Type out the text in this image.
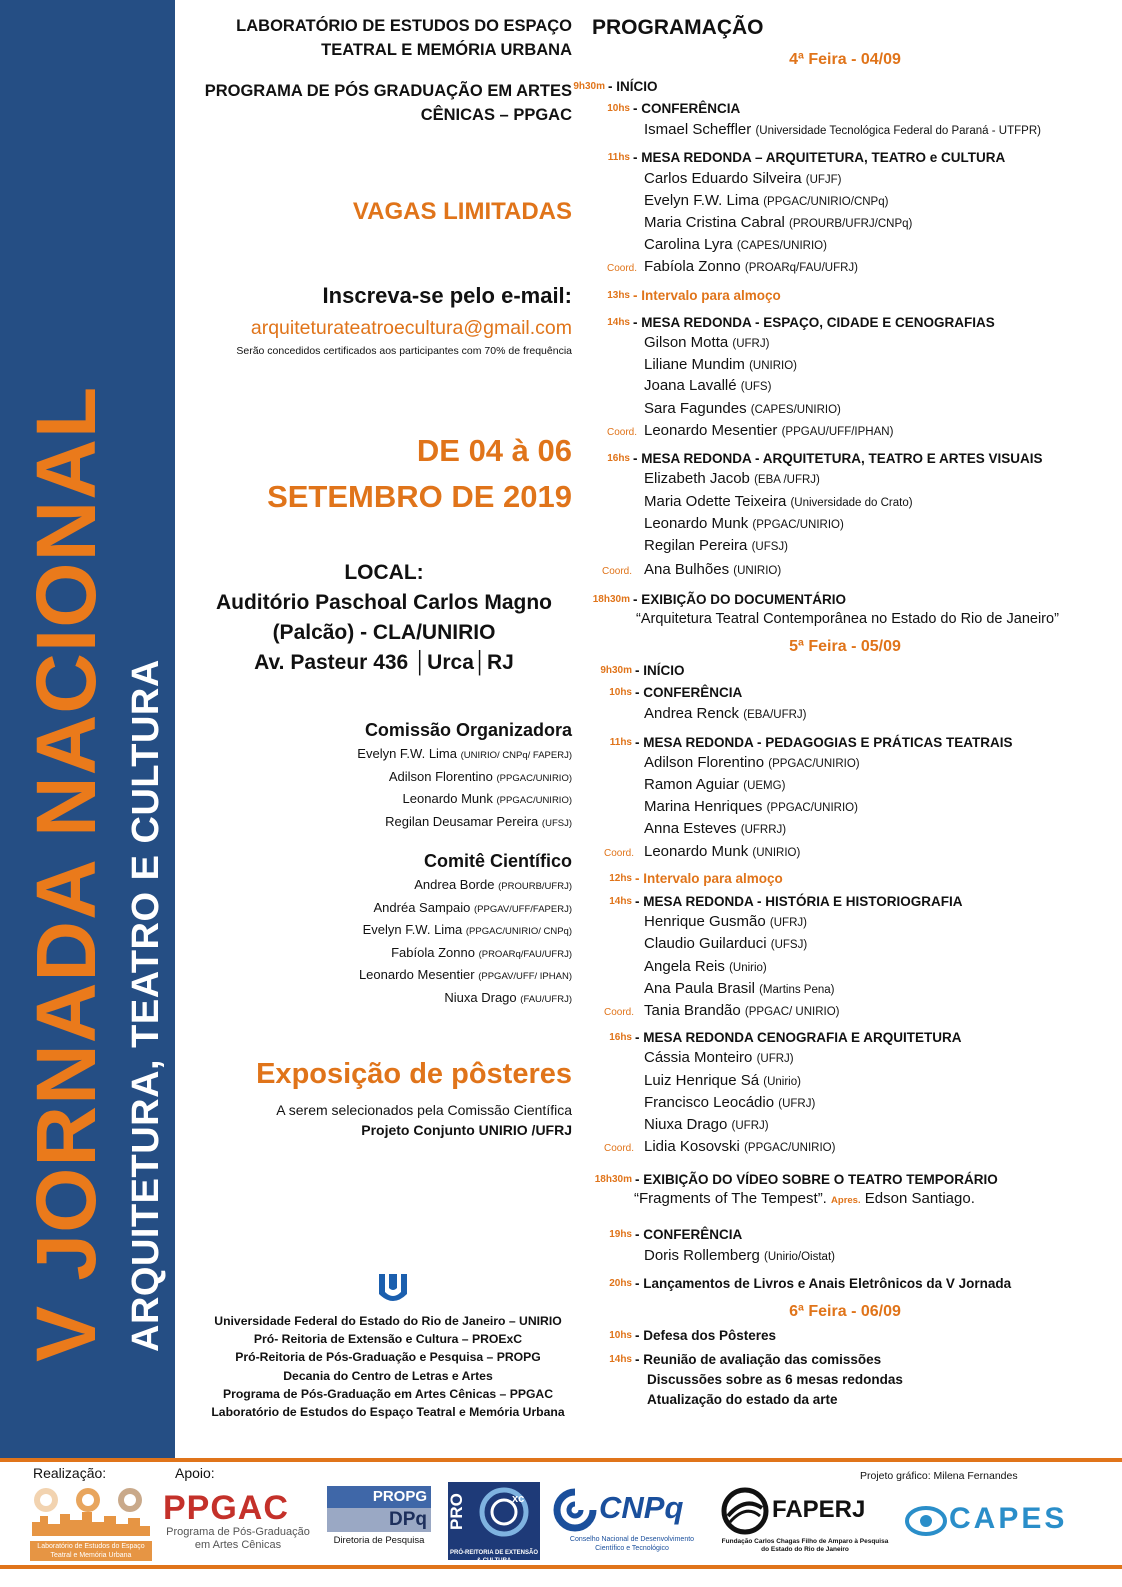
V JORNADA NACIONAL ARQUITETURA, TEATRO E CULTURA
LABORATÓRIO DE ESTUDOS DO ESPAÇO
TEATRAL E MEMÓRIA URBANA
PROGRAMA DE PÓS GRADUAÇÃO EM ARTES
CÊNICAS – PPGAC
VAGAS LIMITADAS
Inscreva-se pelo e-mail:
arquiteturateatroecultura@gmail.com
Serão concedidos certificados aos participantes com 70% de frequência
DE 04 à 06
SETEMBRO DE 2019
LOCAL:
Auditório Paschoal Carlos Magno
(Palcão) - CLA/UNIRIO
Av. Pasteur 436 │Urca│RJ
Comissão Organizadora
Evelyn F.W. Lima (UNIRIO/ CNPq/ FAPERJ)
Adilson Florentino (PPGAC/UNIRIO)
Leonardo Munk (PPGAC/UNIRIO)
Regilan Deusamar Pereira (UFSJ)
Comitê Científico
Andrea Borde (PROURB/UFRJ)
Andréa Sampaio (PPGAV/UFF/FAPERJ)
Evelyn F.W. Lima (PPGAC/UNIRIO/ CNPq)
Fabíola Zonno (PROARq/FAU/UFRJ)
Leonardo Mesentier (PPGAV/UFF/ IPHAN)
Niuxa Drago (FAU/UFRJ)
Exposição de pôsteres
A serem selecionados pela Comissão Científica
Projeto Conjunto UNIRIO /UFRJ
Universidade Federal do Estado do Rio de Janeiro – UNIRIO
Pró- Reitoria de Extensão e Cultura – PROExC
Pró-Reitoria de Pós-Graduação e Pesquisa – PROPG
Decania do Centro de Letras e Artes
Programa de Pós-Graduação em Artes Cênicas – PPGAC
Laboratório de Estudos do Espaço Teatral e Memória Urbana
PROGRAMAÇÃO
4ª Feira - 04/09
9h30m - INÍCIO
10hs - CONFERÊNCIA
Ismael Scheffler (Universidade Tecnológica Federal do Paraná - UTFPR)
11hs - MESA REDONDA – ARQUITETURA, TEATRO e CULTURA
Carlos Eduardo Silveira (UFJF)
Evelyn F.W. Lima (PPGAC/UNIRIO/CNPq)
Maria Cristina Cabral (PROURB/UFRJ/CNPq)
Carolina Lyra (CAPES/UNIRIO)
Coord. Fabíola Zonno (PROARq/FAU/UFRJ)
13hs - Intervalo para almoço
14hs - MESA REDONDA - ESPAÇO, CIDADE E CENOGRAFIAS
Gilson Motta (UFRJ)
Liliane Mundim (UNIRIO)
Joana Lavallé (UFS)
Sara Fagundes (CAPES/UNIRIO)
Coord. Leonardo Mesentier (PPGAU/UFF/IPHAN)
16hs - MESA REDONDA - ARQUITETURA, TEATRO E ARTES VISUAIS
Elizabeth Jacob (EBA /UFRJ)
Maria Odette Teixeira (Universidade do Crato)
Leonardo Munk (PPGAC/UNIRIO)
Regilan Pereira (UFSJ)
Coord. Ana Bulhões (UNIRIO)
18h30m - EXIBIÇÃO DO DOCUMENTÁRIO
“Arquitetura Teatral Contemporânea no Estado do Rio de Janeiro”
5ª Feira - 05/09
9h30m - INÍCIO
10hs - CONFERÊNCIA
Andrea Renck (EBA/UFRJ)
11hs - MESA REDONDA - PEDAGOGIAS E PRÁTICAS TEATRAIS
Adilson Florentino (PPGAC/UNIRIO)
Ramon Aguiar (UEMG)
Marina Henriques (PPGAC/UNIRIO)
Anna Esteves (UFRRJ)
Coord. Leonardo Munk (UNIRIO)
12hs - Intervalo para almoço
14hs - MESA REDONDA - HISTÓRIA E HISTORIOGRAFIA
Henrique Gusmão (UFRJ)
Claudio Guilarduci (UFSJ)
Angela Reis (Unirio)
Ana Paula Brasil (Martins Pena)
Coord. Tania Brandão (PPGAC/ UNIRIO)
16hs - MESA REDONDA CENOGRAFIA E ARQUITETURA
Cássia Monteiro (UFRJ)
Luiz Henrique Sá (Unirio)
Francisco Leocádio (UFRJ)
Niuxa Drago (UFRJ)
Coord. Lidia Kosovski (PPGAC/UNIRIO)
18h30m - EXIBIÇÃO DO VÍDEO SOBRE O TEATRO TEMPORÁRIO
“Fragments of The Tempest”. Apres. Edson Santiago.
19hs - CONFERÊNCIA
Doris Rollemberg (Unirio/Oistat)
20hs - Lançamentos de Livros e Anais Eletrônicos da V Jornada
6ª Feira - 06/09
10hs - Defesa dos Pôsteres
14hs - Reunião de avaliação das comissões
Discussões sobre as 6 mesas redondas
Atualização do estado da arte
Realização:	Apoio:	Projeto gráfico: Milena Fernandes
Laboratório de Estudos do Espaço Teatral e Memória Urbana
PPGAC
Programa de Pós-Graduação
em Artes Cênicas
PROPG
DPq
Diretoria de Pesquisa
PRO	xc
PRÓ-REITORIA DE EXTENSÃO & CULTURA
CNPq
Conselho Nacional de Desenvolvimento Científico e Tecnológico
FAPERJ
Fundação Carlos Chagas Filho de Amparo à Pesquisa do Estado do Rio de Janeiro
CAPES
